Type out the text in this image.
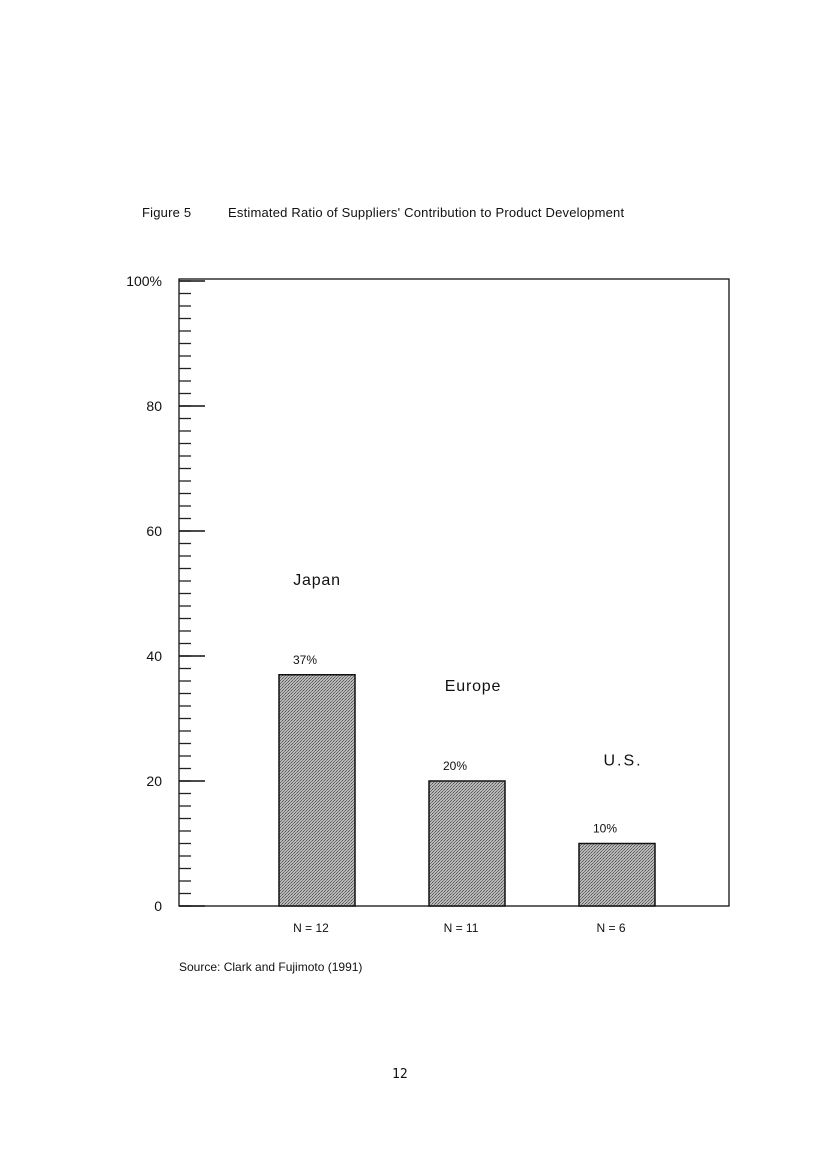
Figure 5	Estimated Ratio of Suppliers' Contribution to Product Development
0
20
40
60
80
100%
37%
20%
10%
Japan
Europe
U.S.
N = 12	N = 11	N = 6
Source: Clark and Fujimoto (1991)
12
